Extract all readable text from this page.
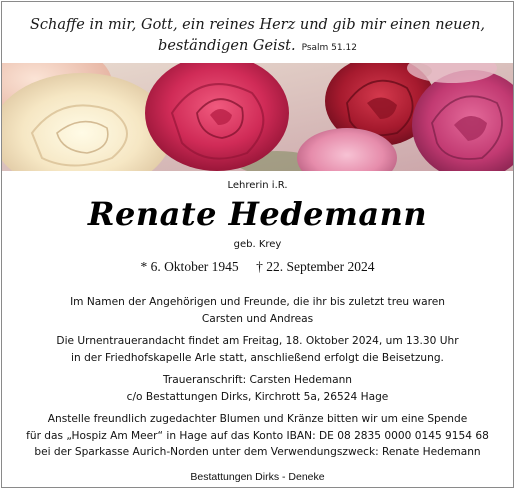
Schaffe in mir, Gott, ein reines Herz und gib mir einen neuen,
beständigen Geist. Psalm 51.12
Lehrerin i.R.
Renate Hedemann
geb. Krey
* 6. Oktober 1945 † 22. September 2024
Im Namen der Angehörigen und Freunde, die ihr bis zuletzt treu waren
Carsten und Andreas
Die Urnentrauerandacht findet am Freitag, 18. Oktober 2024, um 13.30 Uhr
in der Friedhofskapelle Arle statt, anschließend erfolgt die Beisetzung.
Traueranschrift: Carsten Hedemann
c/o Bestattungen Dirks, Kirchrott 5a, 26524 Hage
Anstelle freundlich zugedachter Blumen und Kränze bitten wir um eine Spende
für das „Hospiz Am Meer“ in Hage auf das Konto IBAN: DE 08 2835 0000 0145 9154 68
bei der Sparkasse Aurich-Norden unter dem Verwendungszweck: Renate Hedemann
Bestattungen Dirks - Deneke
